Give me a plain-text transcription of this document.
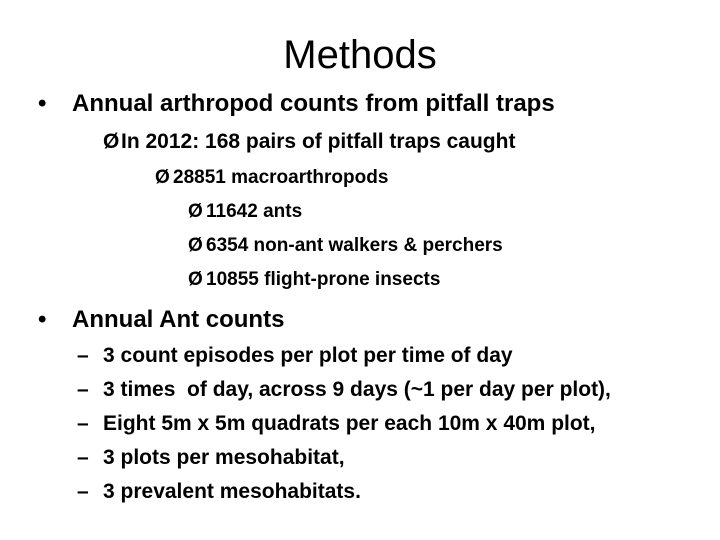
Methods
•	Annual arthropod counts from pitfall traps
Ø In 2012: 168 pairs of pitfall traps caught
Ø 28851 macroarthropods
Ø 11642 ants
Ø 6354 non-ant walkers & perchers
Ø 10855 flight-prone insects
•	Annual Ant counts
– 3 count episodes per plot per time of day
– 3 times  of day, across 9 days (~1 per day per plot),
– Eight 5m x 5m quadrats per each 10m x 40m plot,
– 3 plots per mesohabitat,
– 3 prevalent mesohabitats.
